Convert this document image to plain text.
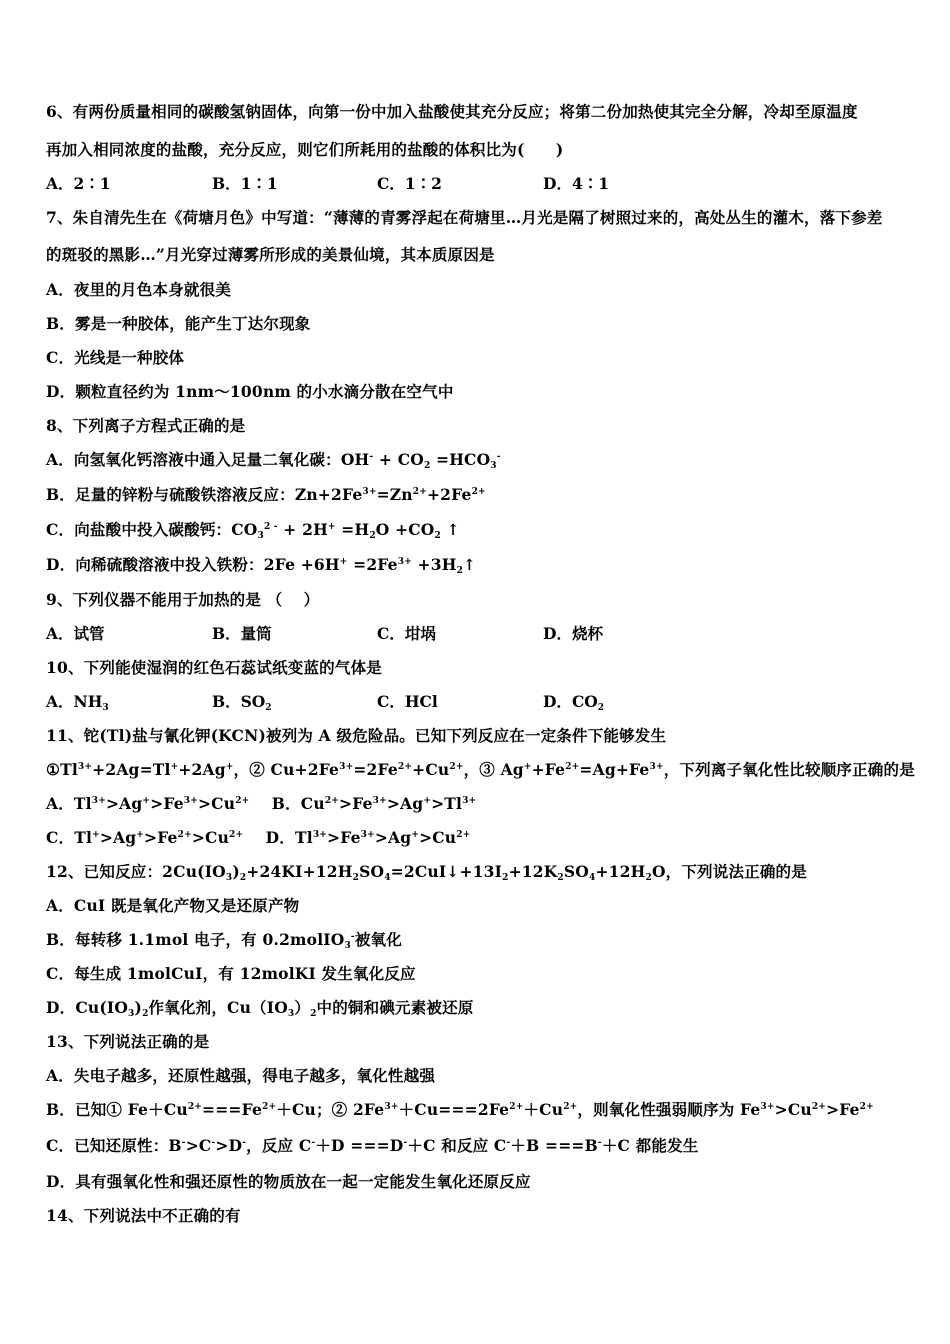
6、有两份质量相同的碳酸氢钠固体，向第一份中加入盐酸使其充分反应；将第二份加热使其完全分解，冷却至原温度
再加入相同浓度的盐酸，充分反应，则它们所耗用的盐酸的体积比为(　　)
A．2∶1	B．1∶1	C．1∶2	D．4∶1
7、朱自清先生在《荷塘月色》中写道：“薄薄的青雾浮起在荷塘里…月光是隔了树照过来的，高处丛生的灌木，落下参差
的斑驳的黑影…”月光穿过薄雾所形成的美景仙境，其本质原因是
A．夜里的月色本身就很美
B．雾是一种胶体，能产生丁达尔现象
C．光线是一种胶体
D．颗粒直径约为 1nm～100nm 的小水滴分散在空气中
8、下列离子方程式正确的是
A．向氢氧化钙溶液中通入足量二氧化碳：$OH^- + CO_2 =HCO_3^-$
B．足量的锌粉与硫酸铁溶液反应：$Zn+2Fe^{3+}=Zn^{2+}+2Fe^{2+}$
C．向盐酸中投入碳酸钙：$CO_3^{2 -} + 2H^+ =H_2O +CO_2$ ↑
D．向稀硫酸溶液中投入铁粉：$2Fe +6H^+ =2Fe^{3+}$ $+3H_2↑$
9、下列仪器不能用于加热的是 （　 ）
A．试管	B．量筒	C．坩埚	D．烧杯
10、下列能使湿润的红色石蕊试纸变蓝的气体是
A．$NH_3$	B．$SO_2$	C．HCl	D．$CO_2$
11、铊(Tl)盐与氰化钾(KCN)被列为 A 级危险品。已知下列反应在一定条件下能够发生
$①Tl^{3+}+2Ag=Tl^++2Ag^+$，② $Cu+2Fe^{3+}=2Fe^{2+}+Cu^{2+}$，③ $Ag^++Fe^{2+}=Ag+Fe^{3+}$，下列离子氧化性比较顺序正确的是
A．$Tl^{3+}>Ag^+>Fe^{3+}>Cu^{2+}$    B．$Cu^{2+}>Fe^{3+}>Ag^+>Tl^{3+}$
C．$Tl^+>Ag^+>Fe^{2+}>Cu^{2+}$    D．$Tl^{3+}>Fe^{3+}>Ag^+>Cu^{2+}$
12、已知反应：$2Cu(IO_3)_2+24KI+12H_2SO_4=2CuI↓+13I_2+12K_2SO_4+12H_2O$，下列说法正确的是
A．CuI 既是氧化产物又是还原产物
B．每转移 1.1mol 电子，有 0.2molIO$_3$-被氧化
C．每生成 1molCuI，有 12molKI 发生氧化反应
D．$Cu(IO_3)_2$作氧化剂，$Cu(IO_3)_2$中的铜和碘元素被还原
13、下列说法正确的是
A．失电子越多，还原性越强，得电子越多，氧化性越强
B．已知① $Fe+Cu^{2+}===Fe^{2+}+Cu$；② $2Fe^{3+}+Cu===2Fe^{2+}+Cu^{2+}$，则氧化性强弱顺序为 $Fe^{3+}>Cu^{2+}>Fe^{2+}$
C．已知还原性：B->C->D-，反应 C-＋D ===D-＋C 和反应 C-＋B ===B-＋C 都能发生
D．具有强氧化性和强还原性的物质放在一起一定能发生氧化还原反应
14、下列说法中不正确的有
